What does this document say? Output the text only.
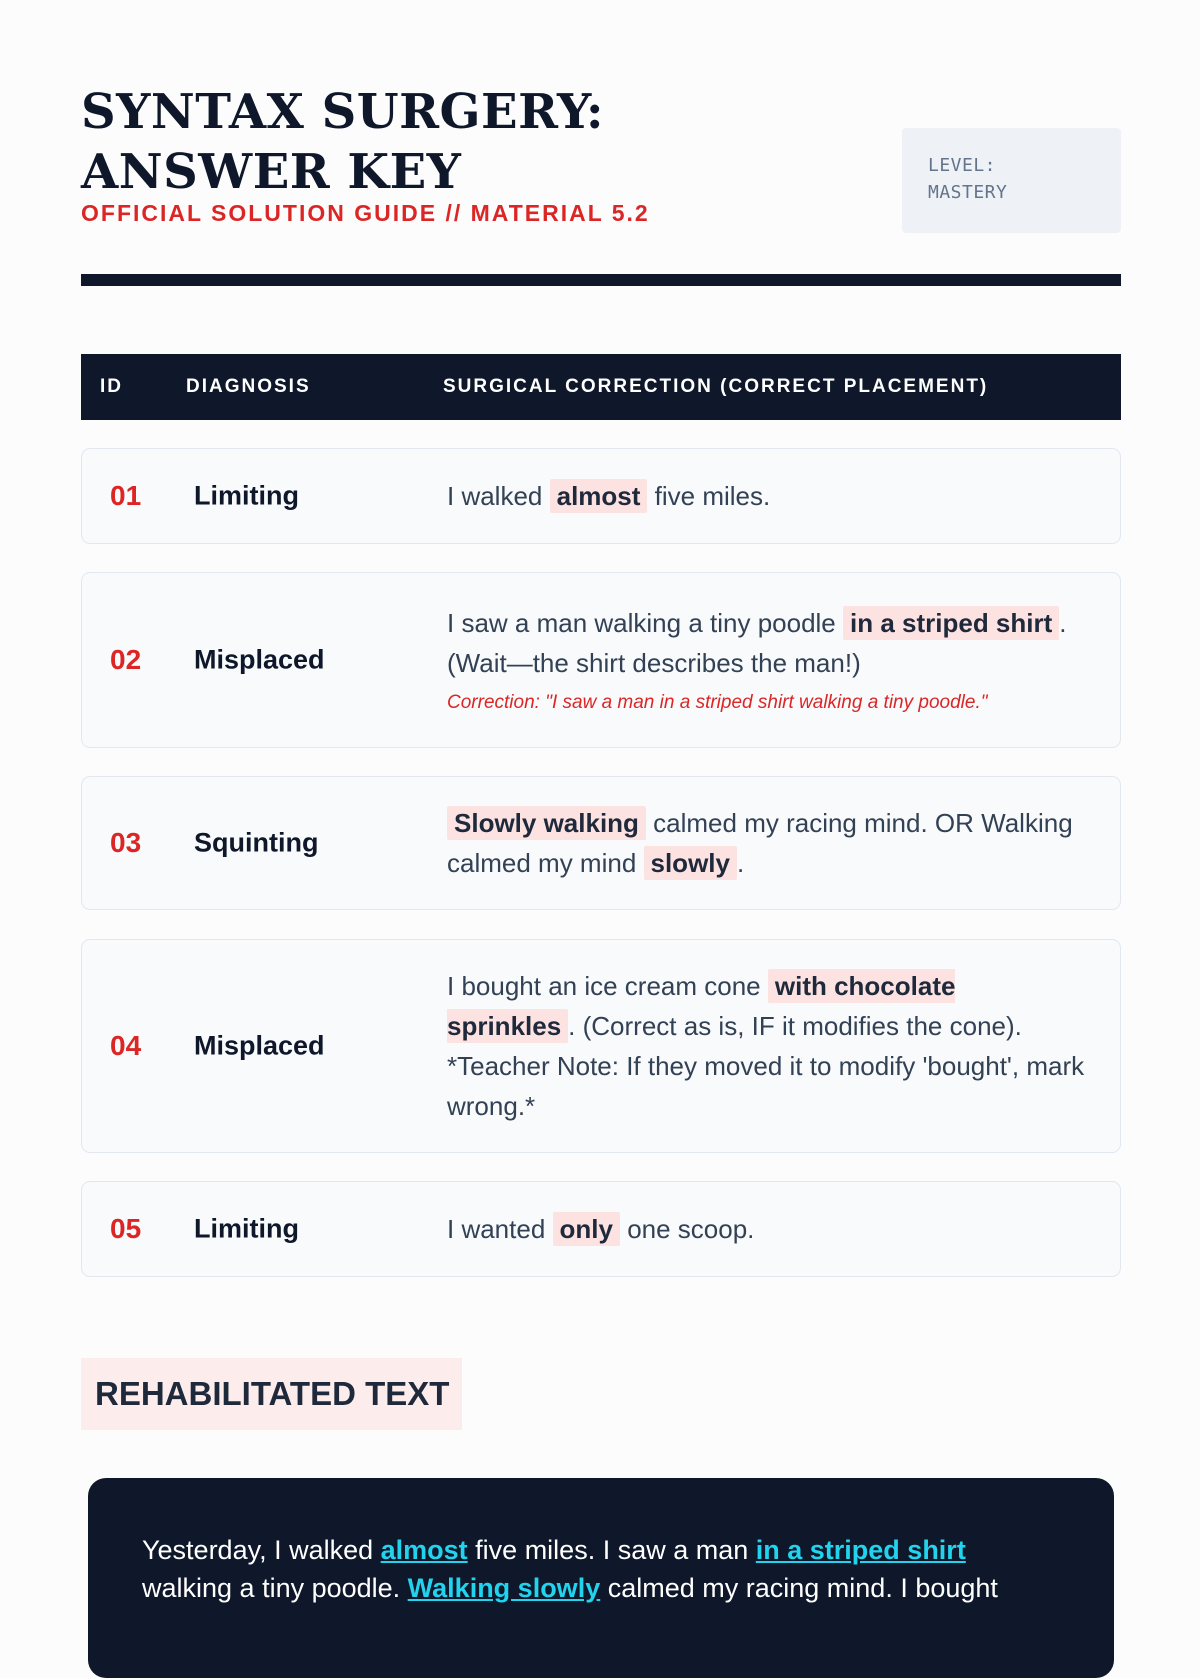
SYNTAX SURGERY: ANSWER KEY
OFFICIAL SOLUTION GUIDE // MATERIAL 5.2
LEVEL:
MASTERY
ID	DIAGNOSIS	SURGICAL CORRECTION (CORRECT PLACEMENT)
01 Limiting	I walked almost five miles.
02 Misplaced
I saw a man walking a tiny poodle in a striped shirt . (Wait—the shirt describes the man!)
Correction: "I saw a man in a striped shirt walking a tiny poodle."
03 Squinting
Slowly walking calmed my racing mind. OR Walking calmed my mind slowly .
04 Misplaced
I bought an ice cream cone with chocolate sprinkles . (Correct as is, IF it modifies the cone). *Teacher Note: If they moved it to modify 'bought', mark wrong.*
05 Limiting	I wanted only one scoop.
REHABILITATED TEXT
Yesterday, I walked almost five miles. I saw a man in a striped shirt walking a tiny poodle. Walking slowly calmed my racing mind. I bought
